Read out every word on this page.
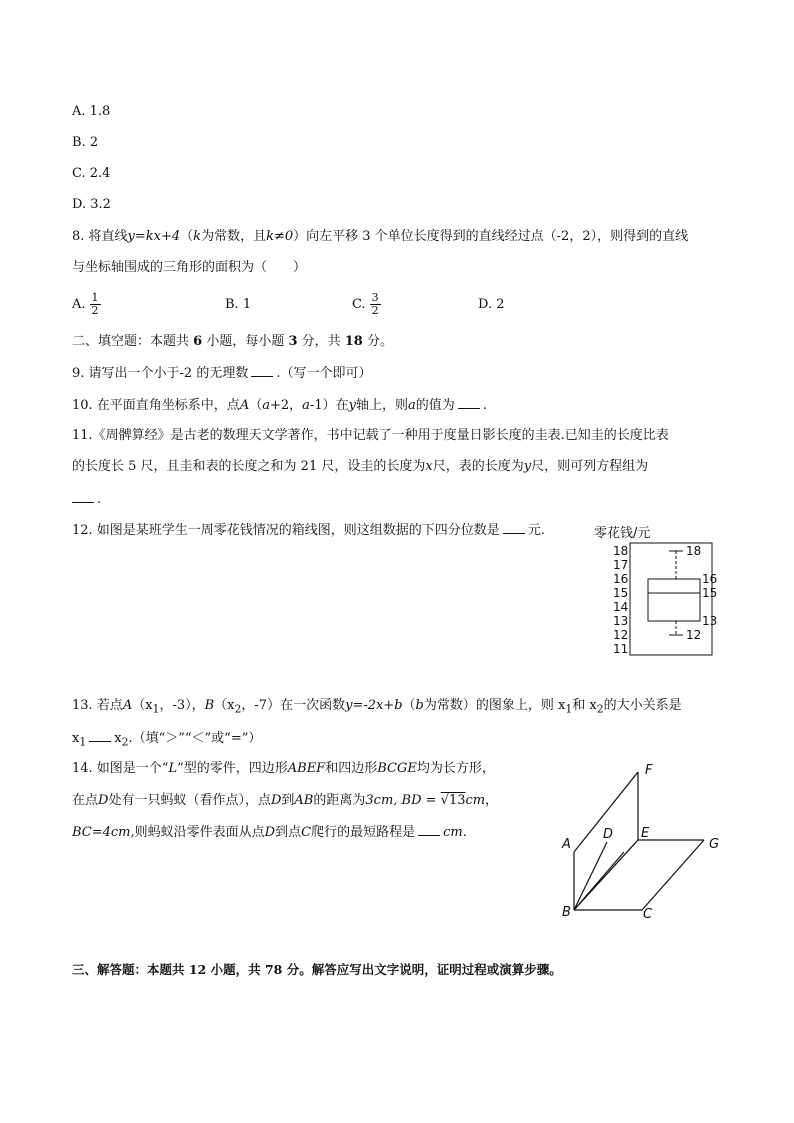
A. 1.8
B. 2
C. 2.4
D. 3.2
8. 将直线y=kx+4（k为常数，且k≠0）向左平移 3 个单位长度得到的直线经过点（-2，2），则得到的直线
与坐标轴围成的三角形的面积为（　　）
A. $\frac{1}{2}$	B. 1	C. $\frac{3}{2}$	D. 2
二、填空题：本题共 6 小题，每小题 3 分，共 18 分。
9. 请写出一个小于-2 的无理数 .（写一个即可）
10. 在平面直角坐标系中，点A（a+2，a-1）在y轴上，则a的值为 .
11.《周髀算经》是古老的数理天文学著作，书中记载了一种用于度量日影长度的圭表.已知圭的长度比表
的长度长 5 尺，且圭和表的长度之和为 21 尺，设圭的长度为x尺，表的长度为y尺，则可列方程组为
.
12. 如图是某班学生一周零花钱情况的箱线图，则这组数据的下四分位数是 元.	零花钱/元
18
17
16
15
14
13
12
11
18
16
15
13
12
13. 若点$A(x_1$，-3），$B(x_2$，-7）在一次函数y=-2x+b（b为常数）的图象上，则 $x_1$和 $x_2$的大小关系是
$x_1$ $x_2$.（填“＞”“＜”或“=”）
14. 如图是一个“L”型的零件，四边形ABEF和四边形BCGE均为长方形，
在点D处有一只蚂蚁（看作点），点D到AB的距离为3cm, BD = √13cm，
BC=4cm,则蚂蚁沿零件表面从点D到点C爬行的最短路程是 cm.
A
B	C
D E
F
G
三、解答题：本题共 12 小题，共 78 分。解答应写出文字说明，证明过程或演算步骤。
